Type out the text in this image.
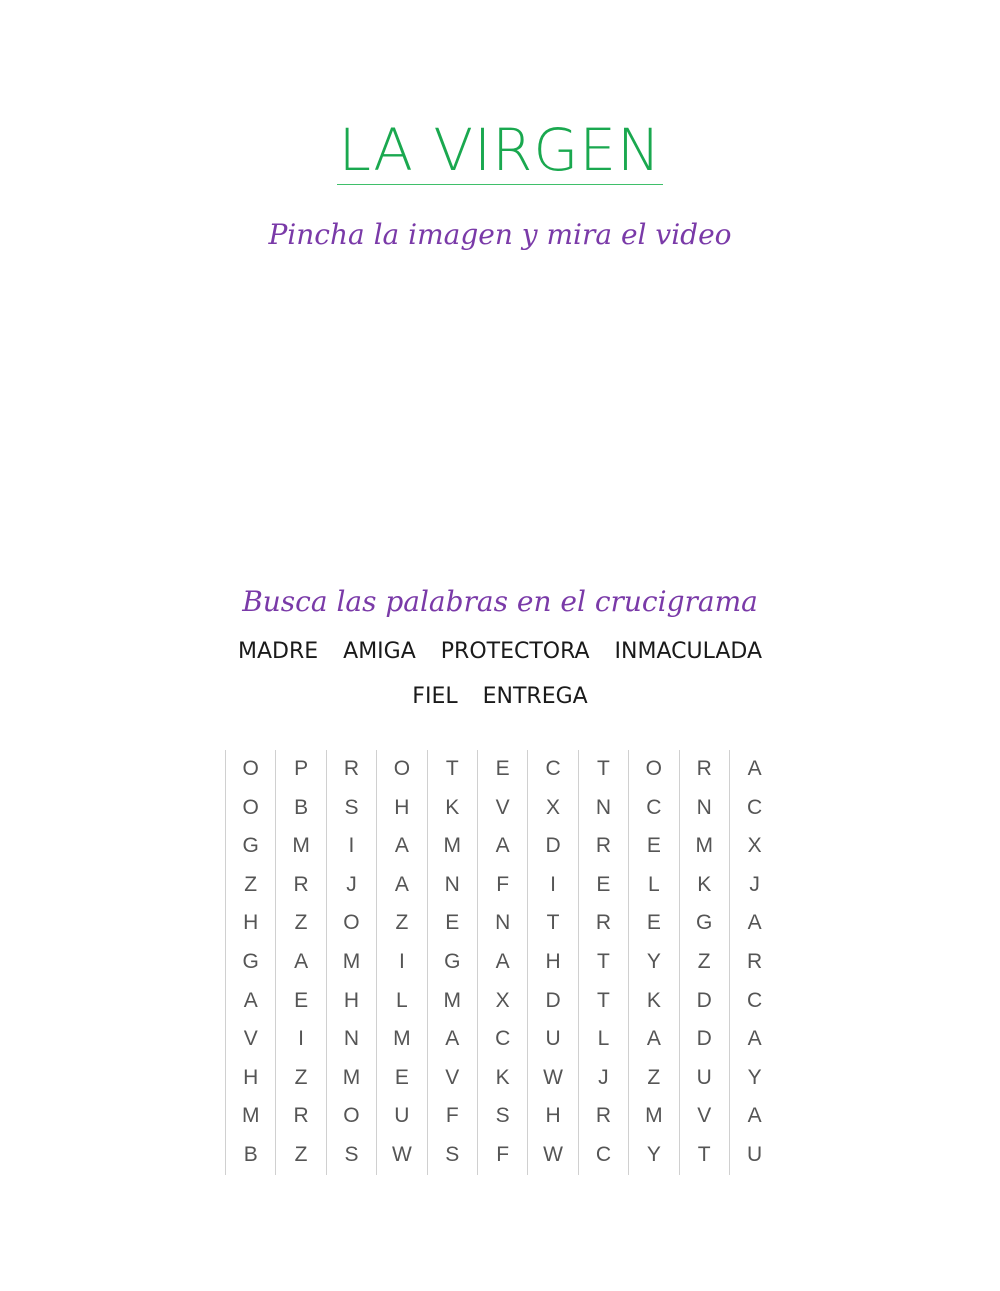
LA VIRGEN

Pincha la imagen y mira el video

Busca las palabras en el crucigrama

MADRE AMIGA PROTECTORA INMACULADA
FIEL ENTREGA
O	P	R	O	T	E	C	T	O	R	A
O	B	S	H	K	V	X	N	C	N	C
G	M	I	A	M	A	D	R	E	M	X
Z	R	J	A	N	F	I	E	L	K	J
H	Z	O	Z	E	N	T	R	E	G	A
G	A	M	I	G	A	H	T	Y	Z	R
A	E	H	L	M	X	D	T	K	D	C
V	I	N	M	A	C	U	L	A	D	A
H	Z	M	E	V	K	W	J	Z	U	Y
M	R	O	U	F	S	H	R	M	V	A
B	Z	S	W	S	F	W	C	Y	T	U
